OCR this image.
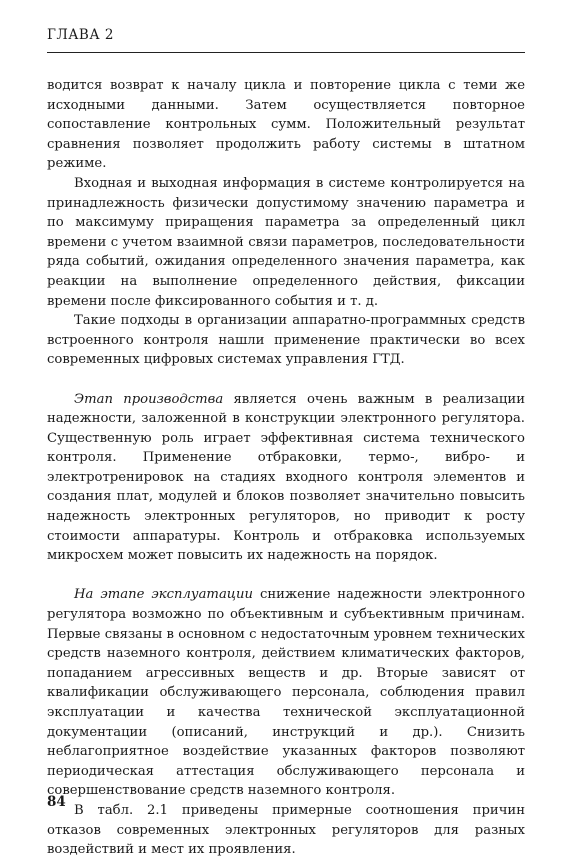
ГЛАВА 2

водится возврат к началу цикла и повторение цикла с теми же исходными данными. Затем осуществляется повторное сопоставление контрольных сумм. Положительный результат сравнения позволяет продолжить работу системы в штатном режиме.

Входная и выходная информация в системе контролируется на принадлежность физически допустимому значению параметра и по максимуму приращения параметра за определенный цикл времени с учетом взаимной связи параметров, последовательности ряда событий, ожидания определенного значения параметра, как реакции на выполнение определенного действия, фиксации времени после фиксированного события и т. д.

Такие подходы в организации аппаратно-программных средств встроенного контроля нашли применение практически во всех современных цифровых системах управления ГТД.

Этап производства является очень важным в реализации надежности, заложенной в конструкции электронного регулятора. Существенную роль играет эффективная система технического контроля. Применение отбраковки, термо-, вибро- и электротренировок на стадиях входного контроля элементов и создания плат, модулей и блоков позволяет значительно повысить надежность электронных регуляторов, но приводит к росту стоимости аппаратуры. Контроль и отбраковка используемых микросхем может повысить их надежность на порядок.

На этапе эксплуатации снижение надежности электронного регулятора возможно по объективным и субъективным причинам. Первые связаны в основном с недостаточным уровнем технических средств наземного контроля, действием климатических факторов, попаданием агрессивных веществ и др. Вторые зависят от квалификации обслуживающего персонала, соблюдения правил эксплуатации и качества технической эксплуатационной документации (описаний, инструкций и др.). Снизить неблагоприятное воздействие указанных факторов позволяют периодическая аттестация обслуживающего персонала и совершенствование средств наземного контроля.

В табл. 2.1 приведены примерные соотношения причин отказов современных электронных регуляторов для разных воздействий и мест их проявления.

84
